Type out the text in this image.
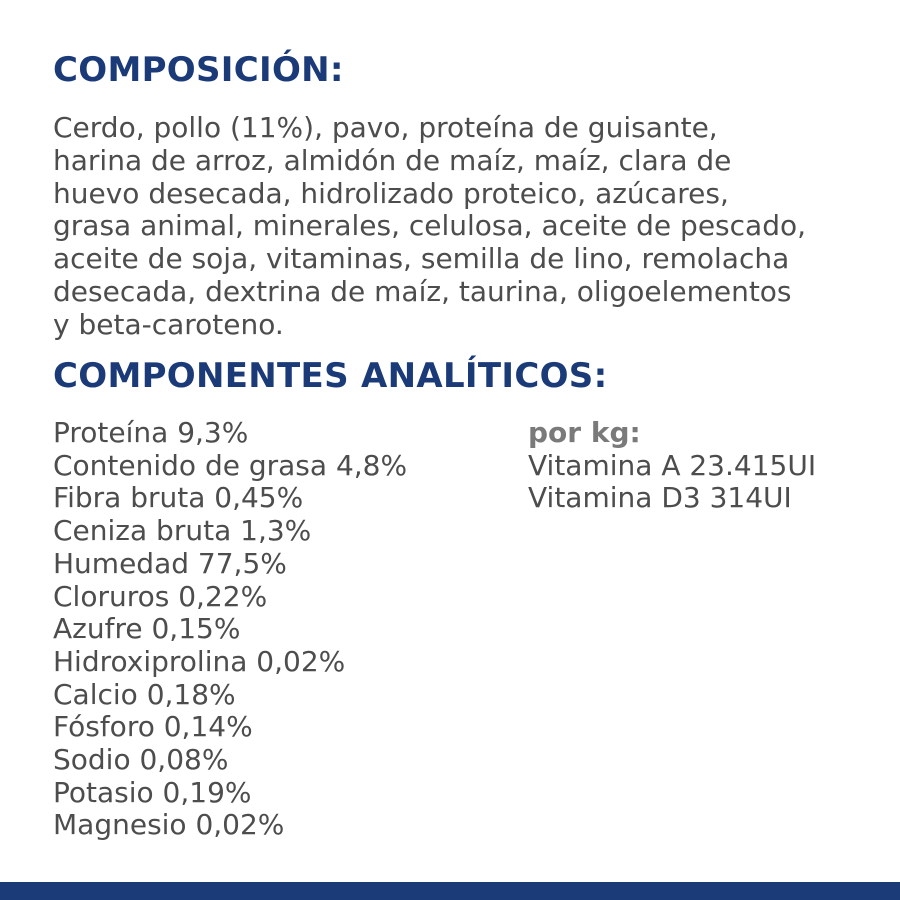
COMPOSICIÓN:

Cerdo, pollo (11%), pavo, proteína de guisante,
harina de arroz, almidón de maíz, maíz, clara de
huevo desecada, hidrolizado proteico, azúcares,
grasa animal, minerales, celulosa, aceite de pescado,
aceite de soja, vitaminas, semilla de lino, remolacha
desecada, dextrina de maíz, taurina, oligoelementos
y beta-caroteno.

COMPONENTES ANALÍTICOS:
Proteína 9,3%
Contenido de grasa 4,8%
Fibra bruta 0,45%
Ceniza bruta 1,3%
Humedad 77,5%
Cloruros 0,22%
Azufre 0,15%
Hidroxiprolina 0,02%
Calcio 0,18%
Fósforo 0,14%
Sodio 0,08%
Potasio 0,19%
Magnesio 0,02%
por kg:
Vitamina A 23.415UI
Vitamina D3 314UI
